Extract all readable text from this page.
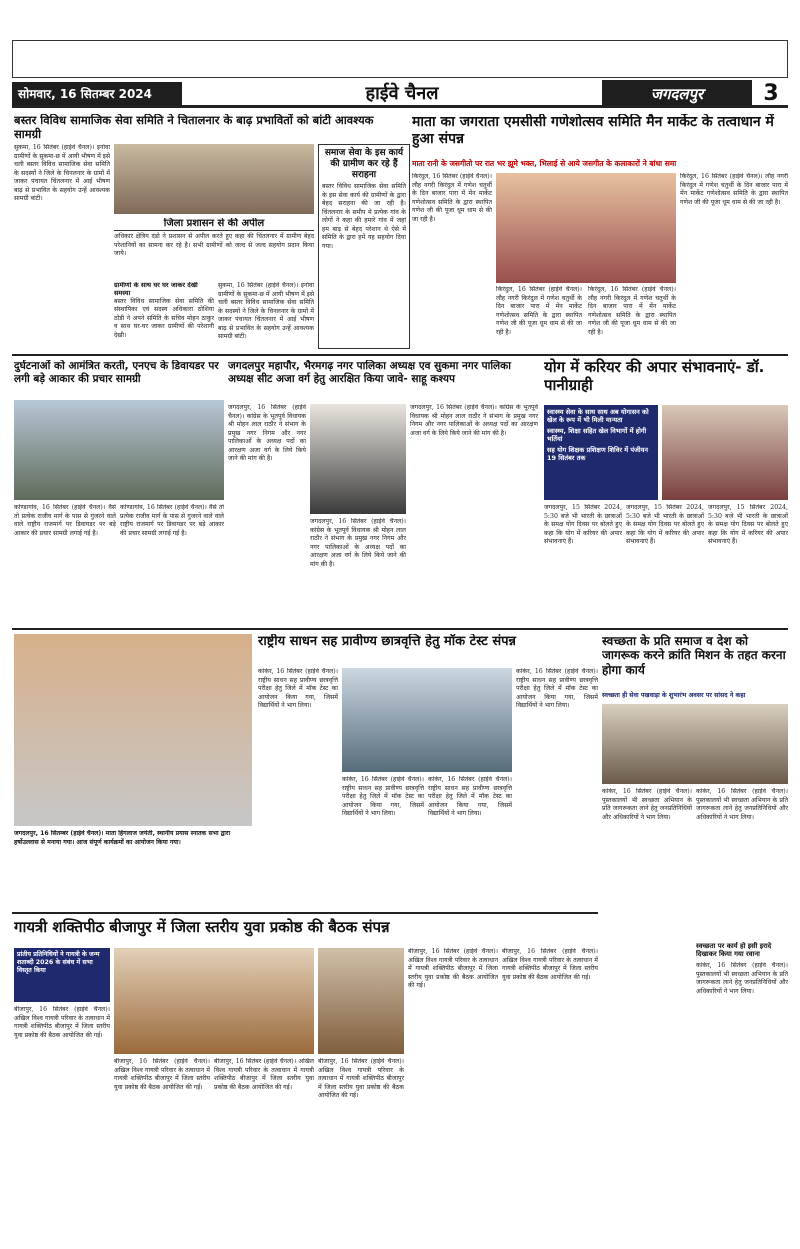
सोमवार, 16 सितम्बर 2024	हाईवे चैनल	जगदलपुर	3
बस्तर विविध सामाजिक सेवा समिति ने चितालनार के बाढ़ प्रभावितों को बांटी आवश्यक सामग्री
सुकमा, 16 सितंबर (हाईवे चैनल)। इनोवा ग्रामीणों के सुकमा-छ में आयी भीषण में इसे चली बस्तर विविध सामाजिक सेवा समिति के सदस्यों ने जिले के चिनलनार के ग्रामों में जाकर पंचायत चिंतलनार में आई भीषण बाढ़ से प्रभावित के सहयोग उन्हें आवश्यक सामग्री बांटी।
समाज सेवा के इस कार्य की ग्रामीण कर रहे हैं सराहना
बस्तर विविध सामाजिक सेवा समिति के इस सेवा कार्य की ग्रामीणों के द्वारा बेहद सराहना की जा रही है। चिंतलनार के समीप मे प्रत्येक गांव के लोगों ने कहा की हमारे गांव में जहां हम बाढ़ से बेहद परेशान थे ऐसे में समिति के द्वारा हमें यह सहयोग दिया गया।
जिला प्रशासन से की अपील
अधिकार क्षेत्रिय दंडो ने प्रशासन से अपील करते हुए कहा की चिंतलनार में ग्रामीण बेहद परेशानियों का सामना कर रहे है। सभी ग्रामीणों को जल्द से जल्द सहयोग प्रदान किया जाये।
ग्रामीणों के साथ घर घर जाकर देखी समस्या
बस्तर विविध सामाजिक सेवा समिति की संस्थापिका एवं सदस्य अधिकारा ठोशिया ठोडी ने अपने समिति के सचिव मोहन ठाकुर व साथ घर-घर जाकर ग्रामीणों की परेशानी देखी।
सुकमा, 16 सितंबर (हाईवे चैनल)। इनोवा ग्रामीणों के सुकमा-छ में आयी भीषण में इसे चली बस्तर विविध सामाजिक सेवा समिति के सदस्यों ने जिले के चिनलनार के ग्रामों में जाकर पंचायत चिंतलनार में आई भीषण बाढ़ से प्रभावित के सहयोग उन्हें आवश्यक सामग्री बांटी।
माता का जगराता एमसीसी गणेशोत्सव समिति मैन मार्केट के तत्वाधान में हुआ संपन्न
माता रानी के जसगीतो पर रात भर झूमे भक्त, भिलाई से आये जसगीत के कलाकारों ने बांधा समा
किरंदुल, 16 सितंबर (हाईवे चैनल)। लौह नगरी किरंदुल में गणेश चतुर्थी के दिन बाजार पारा में मेंन मार्केट गणेशोत्सव समिति के द्वारा स्थापित गणेश जी की पूजा धूम धाम से की जा रही है।
किरंदुल, 16 सितंबर (हाईवे चैनल)। लौह नगरी किरंदुल में गणेश चतुर्थी के दिन बाजार पारा में मेंन मार्केट गणेशोत्सव समिति के द्वारा स्थापित गणेश जी की पूजा धूम धाम से की जा रही है।
किरंदुल, 16 सितंबर (हाईवे चैनल)। लौह नगरी किरंदुल में गणेश चतुर्थी के दिन बाजार पारा में मेंन मार्केट गणेशोत्सव समिति के द्वारा स्थापित गणेश जी की पूजा धूम धाम से की जा रही है।
किरंदुल, 16 सितंबर (हाईवे चैनल)। लौह नगरी किरंदुल में गणेश चतुर्थी के दिन बाजार पारा में मेंन मार्केट गणेशोत्सव समिति के द्वारा स्थापित गणेश जी की पूजा धूम धाम से की जा रही है।
दुर्घटनाओं को आमंत्रित करती, एनएच के डिवायडर पर लगी बड़े आकार की प्रचार सामग्री
कोण्डागांव, 16 सितंबर (हाईवे चैनल)। वैसे तो प्रत्येक राजीव मार्ग के पास से गुजरने वाले वाले राष्ट्रीय राजमार्ग पर डिवायडर पर बड़े आकार की प्रचार सामग्री लगाई गई है।
कोण्डागांव, 16 सितंबर (हाईवे चैनल)। वैसे तो प्रत्येक राजीव मार्ग के पास से गुजरने वाले वाले राष्ट्रीय राजमार्ग पर डिवायडर पर बड़े आकार की प्रचार सामग्री लगाई गई है।
जगदलपुर महापौर, भैरमगढ़ नगर पालिका अध्यक्ष एव सुकमा नगर पालिका अध्यक्ष सीट अजा वर्ग हेतु आरक्षित किया जावे- साहू कश्यप
जगदलपुर, 16 सितंबर (हाईवे चैनल)। कांग्रेस के भूतपूर्व विधायक श्री मोहन लाल राठौर ने संभाग के प्रमुख नगर निगम और नगर पालिकाओं के अध्यक्ष पदों का आरक्षण अजा वर्ग के लिये किये जाने की मांग की है।
जगदलपुर, 16 सितंबर (हाईवे चैनल)। कांग्रेस के भूतपूर्व विधायक श्री मोहन लाल राठौर ने संभाग के प्रमुख नगर निगम और नगर पालिकाओं के अध्यक्ष पदों का आरक्षण अजा वर्ग के लिये किये जाने की मांग की है।
जगदलपुर, 16 सितंबर (हाईवे चैनल)। कांग्रेस के भूतपूर्व विधायक श्री मोहन लाल राठौर ने संभाग के प्रमुख नगर निगम और नगर पालिकाओं के अध्यक्ष पदों का आरक्षण अजा वर्ग के लिये किये जाने की मांग की है।
योग में करियर की अपार संभावनाएं- डॉ. पानीग्राही
स्वास्थ्य सेवा के साथ साथ अब योगासन को खेल के रूप में भी मिली मान्यता
स्वास्थ्य, शिक्षा सहित खेल विभागों में होगी भर्तियां
सह योग शिक्षक प्रशिक्षण शिविर में पंजीयन 19 सितंबर तक
जगदलपुर, 15 सितंबर 2024, 5:30 बजे भी भारती के छात्राओं के समक्ष योग दिवस पर बोलते हुए कहा कि योग में करियर की अपार संभावनाएं हैं।
जगदलपुर, 15 सितंबर 2024, 5:30 बजे भी भारती के छात्राओं के समक्ष योग दिवस पर बोलते हुए कहा कि योग में करियर की अपार संभावनाएं हैं।
जगदलपुर, 15 सितंबर 2024, 5:30 बजे भी भारती के छात्राओं के समक्ष योग दिवस पर बोलते हुए कहा कि योग में करियर की अपार संभावनाएं हैं।
राष्ट्रीय साधन सह प्रावीण्य छात्रवृत्ति हेतु मॉक टेस्ट संपन्न
कांकेर, 16 सितंबर (हाईवे चैनल)। राष्ट्रीय साधन सह प्रावीण्य छात्रवृत्ति परीक्षा हेतु जिले में मॉक टेस्ट का आयोजन किया गया, जिसमें विद्यार्थियों ने भाग लिया।
कांकेर, 16 सितंबर (हाईवे चैनल)। राष्ट्रीय साधन सह प्रावीण्य छात्रवृत्ति परीक्षा हेतु जिले में मॉक टेस्ट का आयोजन किया गया, जिसमें विद्यार्थियों ने भाग लिया।
कांकेर, 16 सितंबर (हाईवे चैनल)। राष्ट्रीय साधन सह प्रावीण्य छात्रवृत्ति परीक्षा हेतु जिले में मॉक टेस्ट का आयोजन किया गया, जिसमें विद्यार्थियों ने भाग लिया।
कांकेर, 16 सितंबर (हाईवे चैनल)। राष्ट्रीय साधन सह प्रावीण्य छात्रवृत्ति परीक्षा हेतु जिले में मॉक टेस्ट का आयोजन किया गया, जिसमें विद्यार्थियों ने भाग लिया।
जगदलपुर, 16 सितम्बर (हाईवे चैनल)। माता हिंगलाज जयंती, स्थानीय प्रयास स्नातक सभा द्वारा हर्षोउल्लास से मनाया गया। आज संपूर्ण कार्यक्रमों का आयोजन किया गया।
स्वच्छता के प्रति समाज व देश को जागरूक करने क्रांति मिशन के तहत करना होगा कार्य
स्वच्छता ही सेवा पखवाड़ा के शुभारंभ अवसर पर सांसद ने कहा
कांकेर, 16 सितंबर (हाईवे चैनल)। पुस्तकालयों भी स्वच्छता अभियान के प्रति जागरूकता लाने हेतु जनप्रतिनिधियों और अधिकारियों ने भाग लिया।
कांकेर, 16 सितंबर (हाईवे चैनल)। पुस्तकालयों भी स्वच्छता अभियान के प्रति जागरूकता लाने हेतु जनप्रतिनिधियों और अधिकारियों ने भाग लिया।
स्वच्छता पर कार्य हो इसी इरादे दिखाकर किया गया रवाना
कांकेर, 16 सितंबर (हाईवे चैनल)। पुस्तकालयों भी स्वच्छता अभियान के प्रति जागरूकता लाने हेतु जनप्रतिनिधियों और अधिकारियों ने भाग लिया।
गायत्री शक्तिपीठ बीजापुर में जिला स्तरीय युवा प्रकोष्ठ की बैठक संपन्न
प्रांतीय प्रतिनिधियों ने गायत्री के जन्म शताब्दी 2026 के संबंध में सभा विस्तृत किया
बीजापुर, 16 सितंबर (हाईवे चैनल)। अखिल विश्व गायत्री परिवार के तत्वाधान में गायत्री शक्तिपीठ बीजापुर में जिला स्तरीय युवा प्रकोष्ठ की बैठक आयोजित की गई।
बीजापुर, 16 सितंबर (हाईवे चैनल)। अखिल विश्व गायत्री परिवार के तत्वाधान में गायत्री शक्तिपीठ बीजापुर में जिला स्तरीय युवा प्रकोष्ठ की बैठक आयोजित की गई।
बीजापुर, 16 सितंबर (हाईवे चैनल)। अखिल विश्व गायत्री परिवार के तत्वाधान में गायत्री शक्तिपीठ बीजापुर में जिला स्तरीय युवा प्रकोष्ठ की बैठक आयोजित की गई।
बीजापुर, 16 सितंबर (हाईवे चैनल)। अखिल विश्व गायत्री परिवार के तत्वाधान में गायत्री शक्तिपीठ बीजापुर में जिला स्तरीय युवा प्रकोष्ठ की बैठक आयोजित की गई।
बीजापुर, 16 सितंबर (हाईवे चैनल)। अखिल विश्व गायत्री परिवार के तत्वाधान में गायत्री शक्तिपीठ बीजापुर में जिला स्तरीय युवा प्रकोष्ठ की बैठक आयोजित की गई।
बीजापुर, 16 सितंबर (हाईवे चैनल)। अखिल विश्व गायत्री परिवार के तत्वाधान में गायत्री शक्तिपीठ बीजापुर में जिला स्तरीय युवा प्रकोष्ठ की बैठक आयोजित की गई।
